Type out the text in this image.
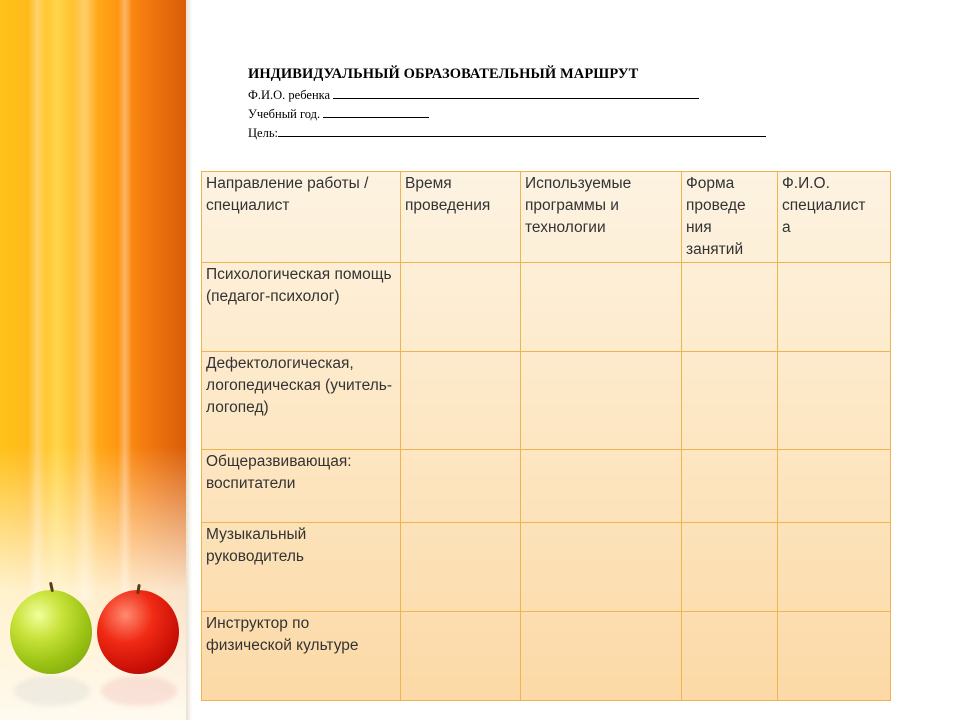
ИНДИВИДУАЛЬНЫЙ ОБРАЗОВАТЕЛЬНЫЙ МАРШРУТ
Ф.И.О. ребенка
Учебный год.
Цель:
Направление работы /специалист	Время проведения	Используемые программы и технологии	Форма проведе
ния
занятий	Ф.И.О. специалист
а

Психологическая помощь
(педагог-психолог)				

Дефектологическая, логопедическая (учитель-логопед)				

Общеразвивающая: воспитатели				

Музыкальный руководитель				

Инструктор по физической культуре				
